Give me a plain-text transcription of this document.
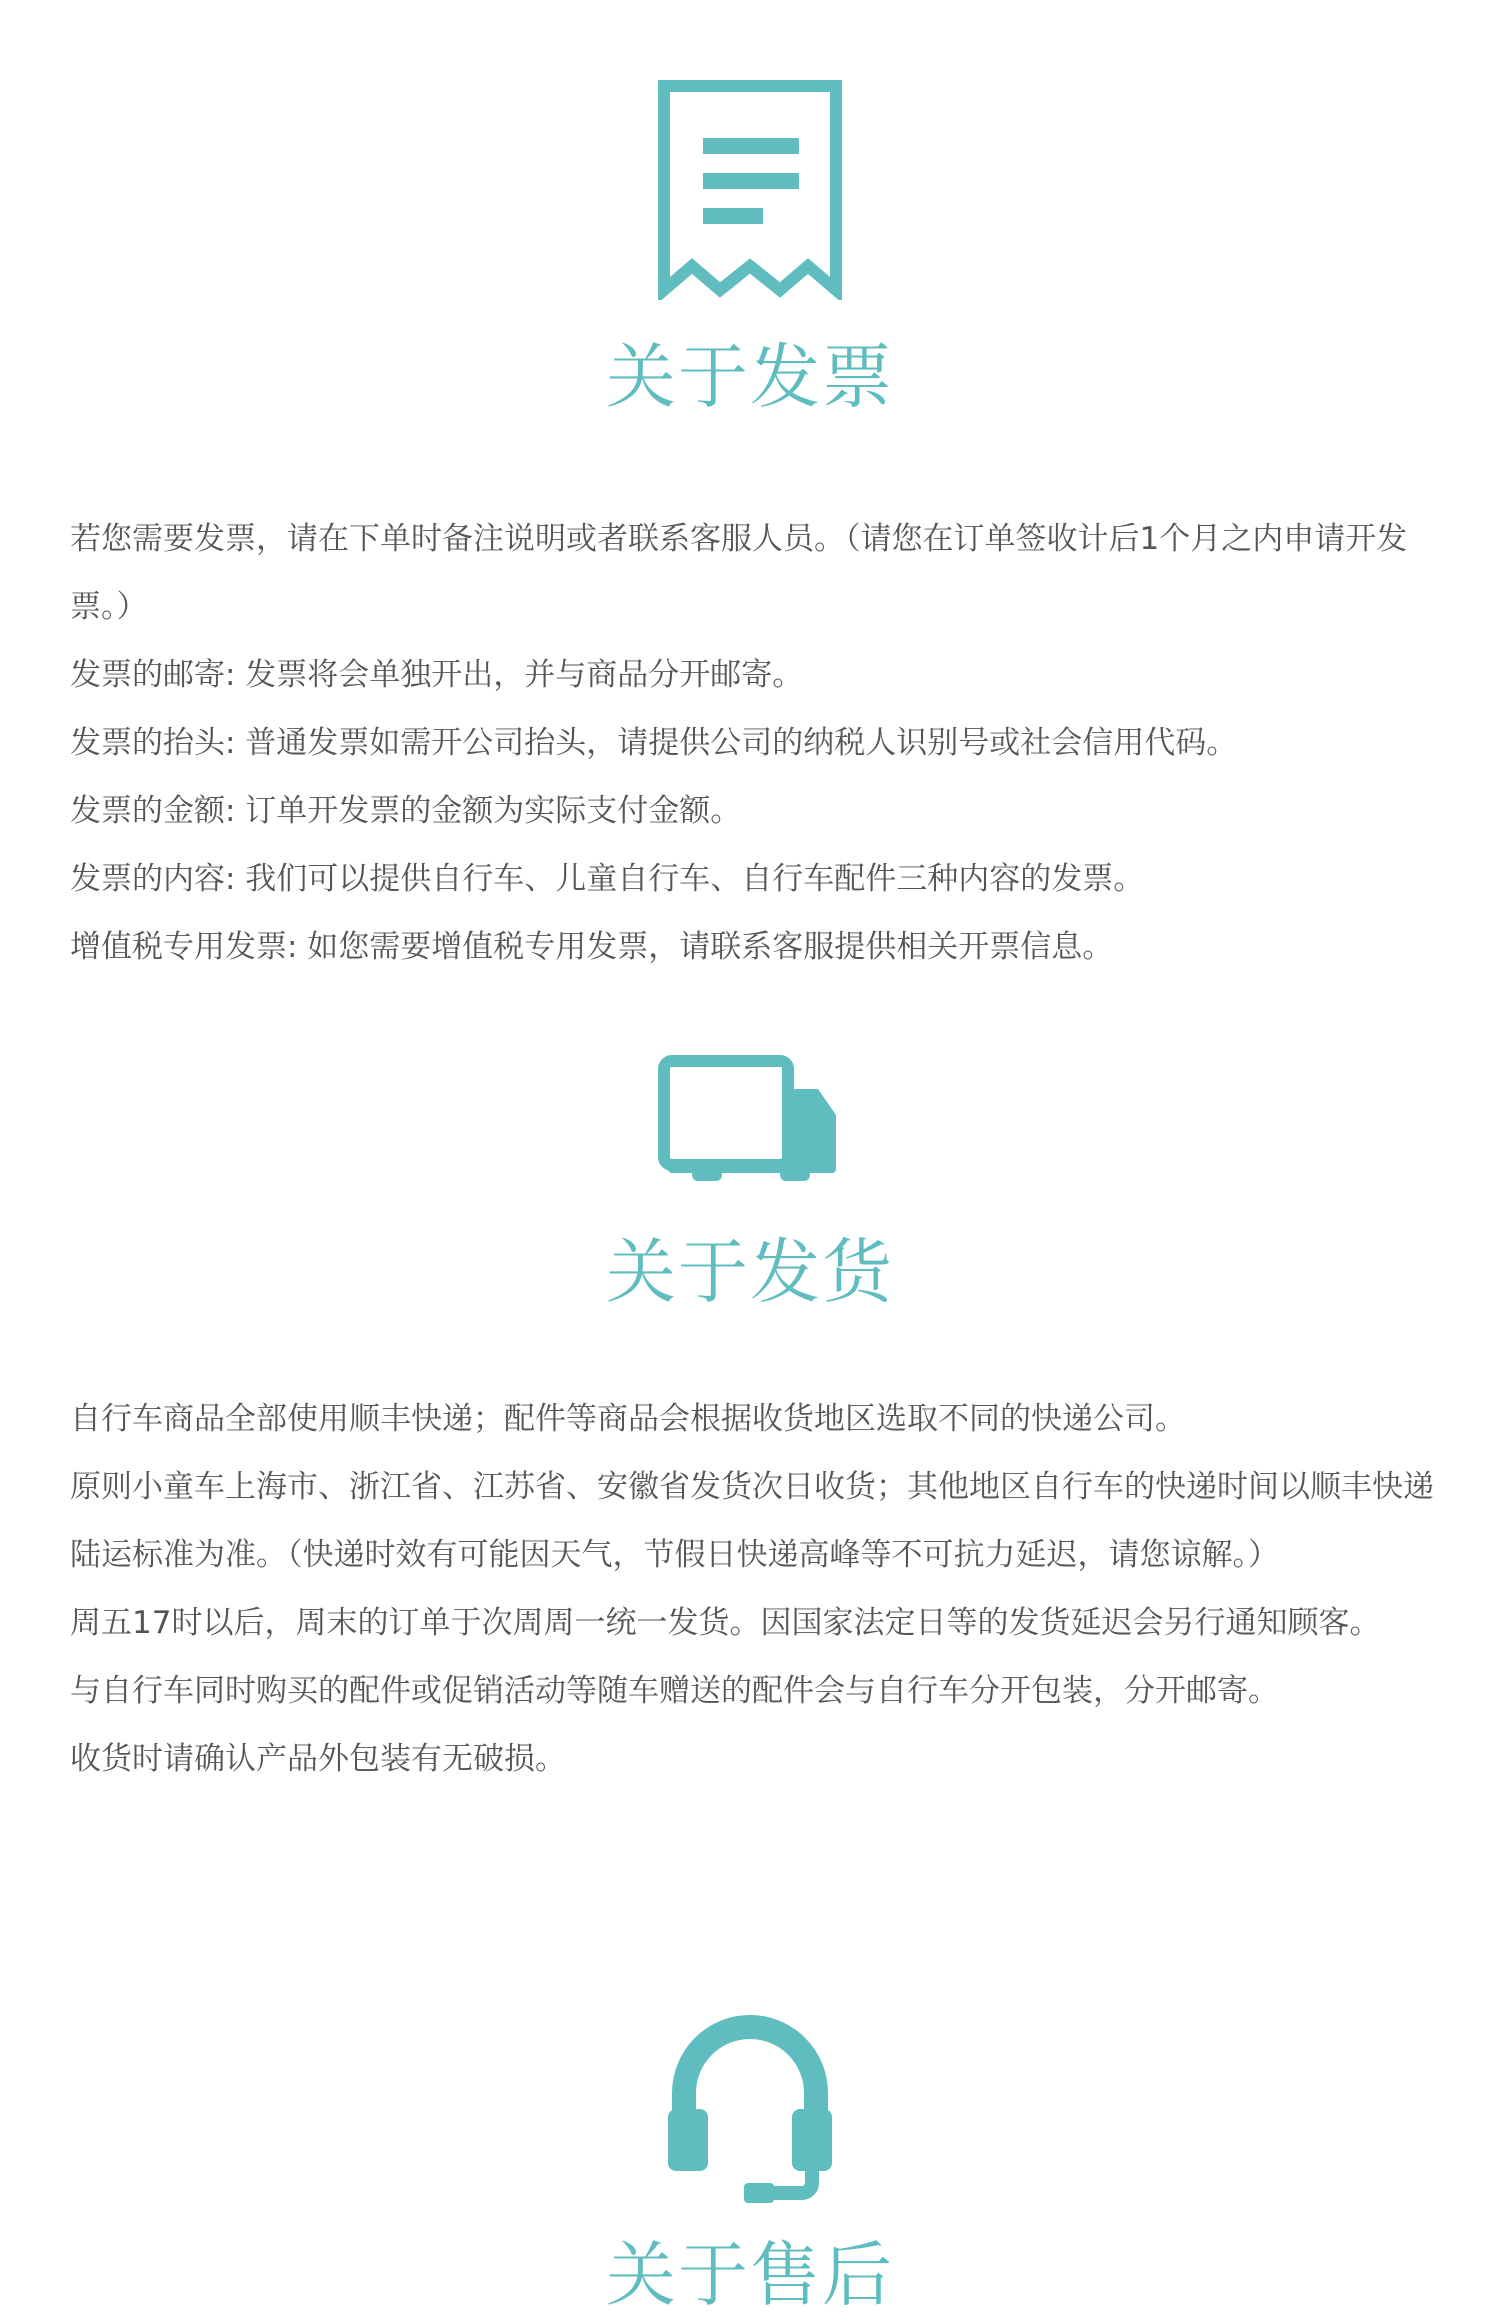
关于发票

若您需要发票，请在下单时备注说明或者联系客服人员。（请您在订单签收计后1个月之内申请开发票。）

发票的邮寄: 发票将会单独开出，并与商品分开邮寄。

发票的抬头: 普通发票如需开公司抬头，请提供公司的纳税人识别号或社会信用代码。

发票的金额: 订单开发票的金额为实际支付金额。

发票的内容: 我们可以提供自行车、儿童自行车、自行车配件三种内容的发票。

增值税专用发票: 如您需要增值税专用发票，请联系客服提供相关开票信息。

关于发货

自行车商品全部使用顺丰快递；配件等商品会根据收货地区选取不同的快递公司。

原则小童车上海市、浙江省、江苏省、安徽省发货次日收货；其他地区自行车的快递时间以顺丰快递陆运标准为准。（快递时效有可能因天气，节假日快递高峰等不可抗力延迟，请您谅解。）

周五17时以后，周末的订单于次周周一统一发货。因国家法定日等的发货延迟会另行通知顾客。

与自行车同时购买的配件或促销活动等随车赠送的配件会与自行车分开包装，分开邮寄。

收货时请确认产品外包装有无破损。

关于售后
